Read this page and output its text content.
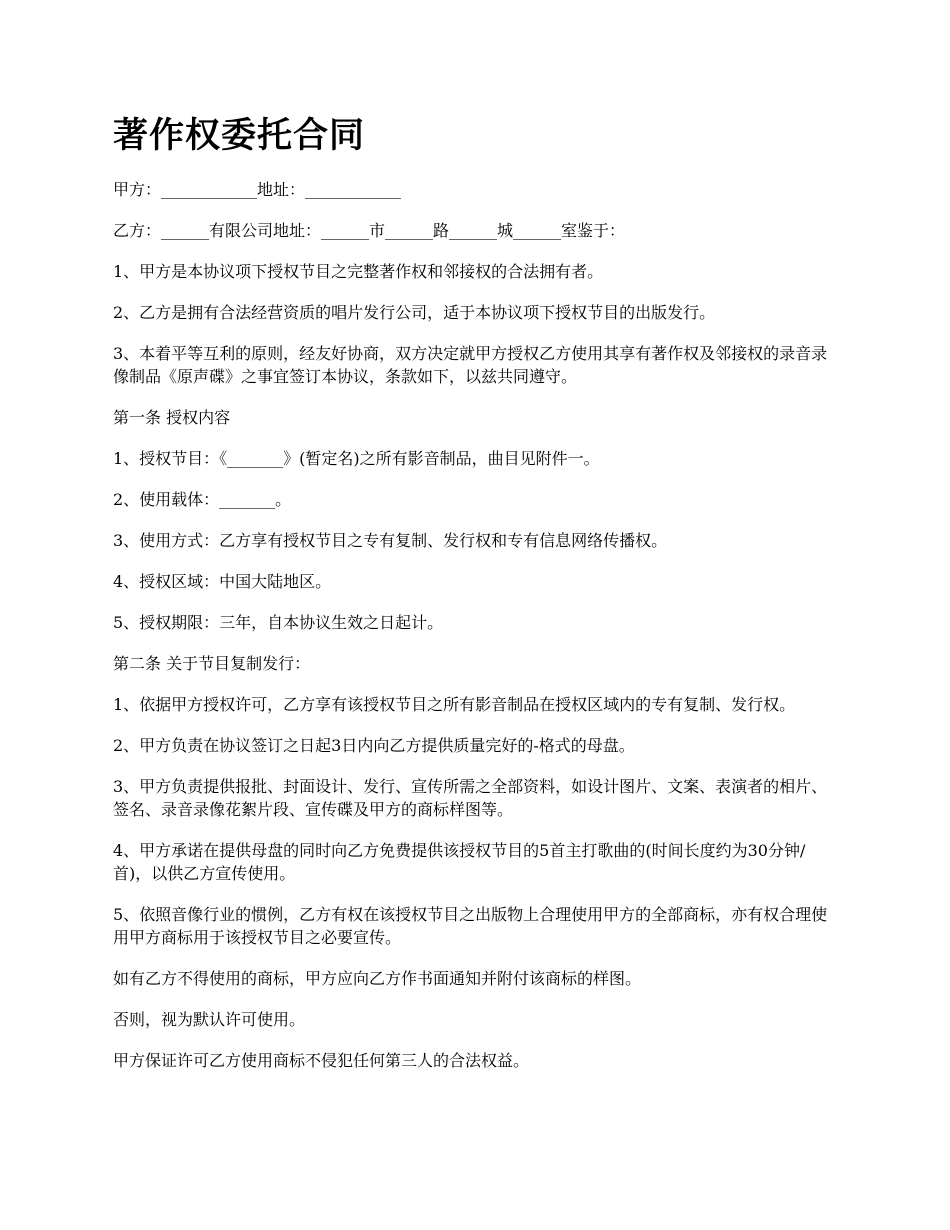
著作权委托合同

甲方：____________地址：____________

乙方：______有限公司地址：______市______路______城______室鉴于：

1、甲方是本协议项下授权节目之完整著作权和邻接权的合法拥有者。

2、乙方是拥有合法经营资质的唱片发行公司，适于本协议项下授权节目的出版发行。

3、本着平等互利的原则，经友好协商，双方决定就甲方授权乙方使用其享有著作权及邻接权的录音录像制品《原声碟》之事宜签订本协议，条款如下，以兹共同遵守。

第一条 授权内容

1、授权节目：《_______》(暂定名)之所有影音制品，曲目见附件一。

2、使用载体：_______。

3、使用方式：乙方享有授权节目之专有复制、发行权和专有信息网络传播权。

4、授权区域：中国大陆地区。

5、授权期限：三年，自本协议生效之日起计。

第二条 关于节目复制发行：

1、依据甲方授权许可，乙方享有该授权节目之所有影音制品在授权区域内的专有复制、发行权。

2、甲方负责在协议签订之日起3日内向乙方提供质量完好的-格式的母盘。

3、甲方负责提供报批、封面设计、发行、宣传所需之全部资料，如设计图片、文案、表演者的相片、签名、录音录像花絮片段、宣传碟及甲方的商标样图等。

4、甲方承诺在提供母盘的同时向乙方免费提供该授权节目的5首主打歌曲的(时间长度约为30分钟/首)，以供乙方宣传使用。

5、依照音像行业的惯例，乙方有权在该授权节目之出版物上合理使用甲方的全部商标，亦有权合理使用甲方商标用于该授权节目之必要宣传。

如有乙方不得使用的商标，甲方应向乙方作书面通知并附付该商标的样图。

否则，视为默认许可使用。

甲方保证许可乙方使用商标不侵犯任何第三人的合法权益。
